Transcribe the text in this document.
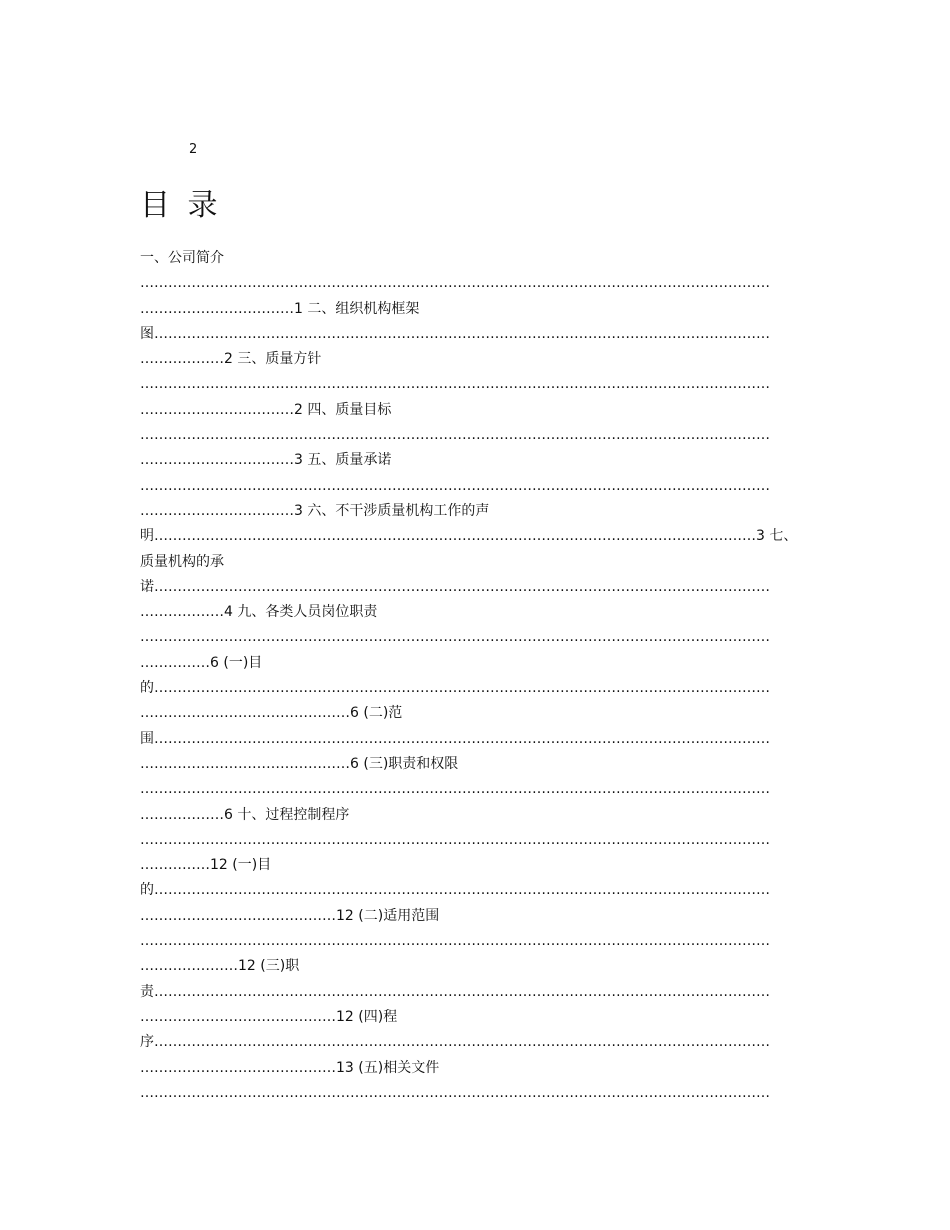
2
目 录
一、公司简介
………………………………………………………………………………………………………………………
……………………………1 二、组织机构框架
图……………………………………………………………………………………………………………………
………………2 三、质量方针
………………………………………………………………………………………………………………………
……………………………2 四、质量目标
………………………………………………………………………………………………………………………
……………………………3 五、质量承诺
………………………………………………………………………………………………………………………
……………………………3 六、不干涉质量机构工作的声
明…………………………………………………………………………………………………………………3 七、
质量机构的承
诺……………………………………………………………………………………………………………………
………………4 九、各类人员岗位职责
………………………………………………………………………………………………………………………
……………6 (一)目
的……………………………………………………………………………………………………………………
………………………………………6 (二)范
围……………………………………………………………………………………………………………………
………………………………………6 (三)职责和权限
………………………………………………………………………………………………………………………
………………6 十、过程控制程序
………………………………………………………………………………………………………………………
……………12 (一)目
的……………………………………………………………………………………………………………………
……………………………………12 (二)适用范围
………………………………………………………………………………………………………………………
…………………12 (三)职
责……………………………………………………………………………………………………………………
……………………………………12 (四)程
序……………………………………………………………………………………………………………………
……………………………………13 (五)相关文件
………………………………………………………………………………………………………………………
